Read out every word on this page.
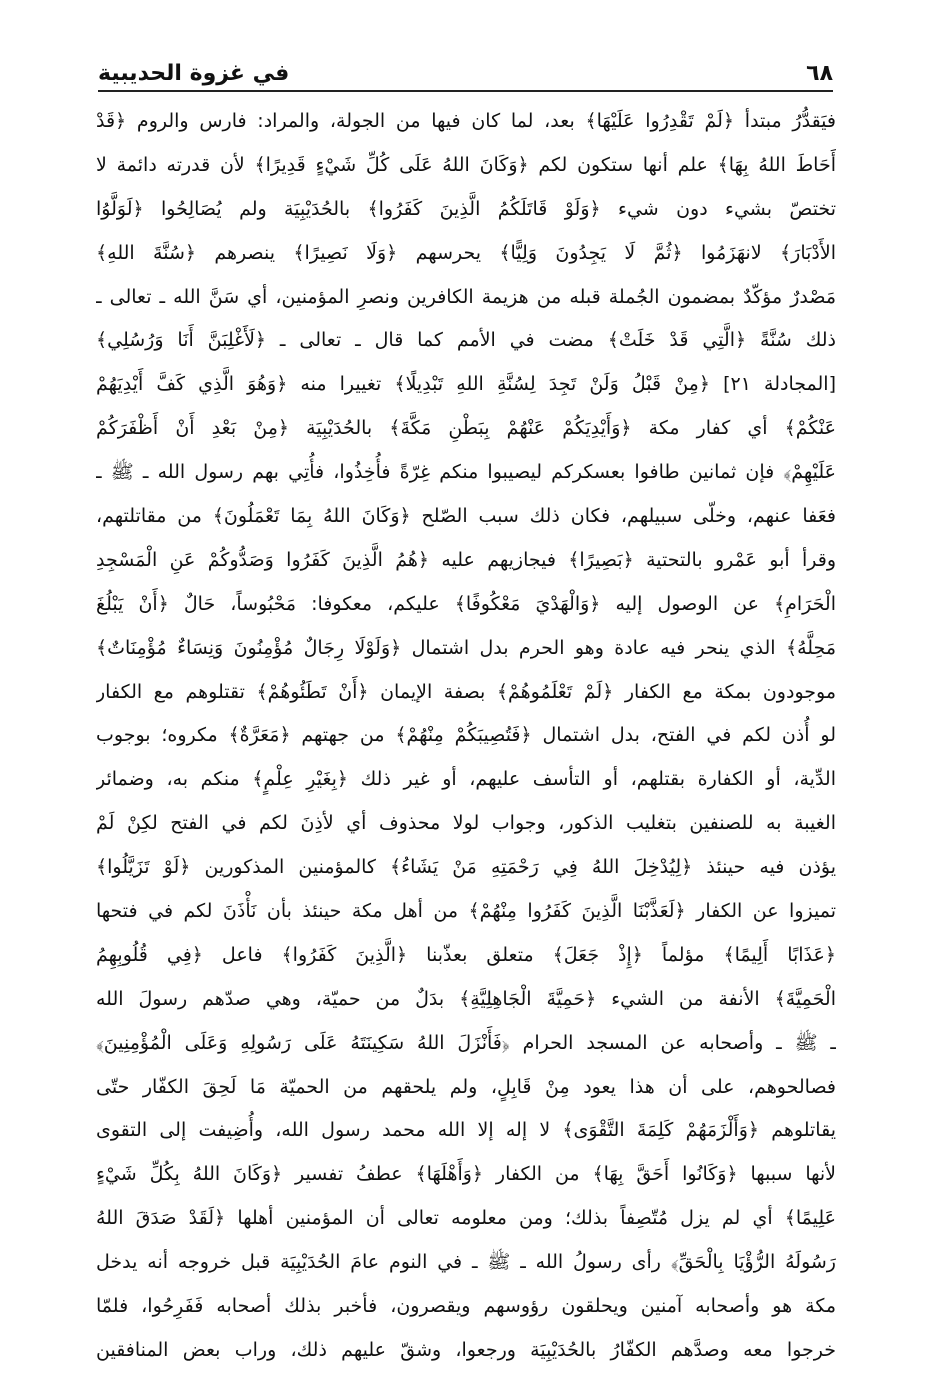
٦٨
في غزوة الحديبية
فيَقدُّرُ مبتدأ ﴿لَمْ تَقْدِرُوا عَلَيْهَا﴾ بعد، لما كان فيها من الجولة، والمراد: فارس والروم ﴿قَدْ
أَحَاطَ اللهُ بِهَا﴾ علم أنها ستكون لكم ﴿وَكَانَ اللهُ عَلَى كُلِّ شَيْءٍ قَدِيرًا﴾ لأن قدرته دائمة لا
تختصّ بشيء دون شيء ﴿وَلَوْ قَاتَلَكُمُ الَّذِينَ كَفَرُوا﴾ بالحُدَيْبِيَة ولم يُصَالِحُوا ﴿لَوَلَّوُا
الأَدْبَارَ﴾ لانهَزَمُوا ﴿ثُمَّ لَا يَجِدُونَ وَلِيًّا﴾ يحرسهم ﴿وَلَا نَصِيرًا﴾ ينصرهم ﴿سُنَّةَ اللهِ﴾
مَصْدرٌ مؤكّدٌ بمضمون الجُملة قبله من هزيمة الكافرين ونصرِ المؤمنين، أي سَنَّ الله ـ تعالى ـ
ذلك سُنَّةً ﴿الَّتِي قَدْ خَلَتْ﴾ مضت في الأمم كما قال ـ تعالى ـ ﴿لَأَغْلِبَنَّ أَنَا وَرُسُلِي﴾
[المجادلة ٢١] ﴿مِنْ قَبْلُ وَلَنْ تَجِدَ لِسُنَّةِ اللهِ تَبْدِيلًا﴾ تغييرا منه ﴿وَهُوَ الَّذِي كَفَّ أَيْدِيَهُمْ
عَنْكُمْ﴾ أي كفار مكة ﴿وَأَيْدِيَكُمْ عَنْهُمْ بِبَطْنِ مَكَّةَ﴾ بالحُدَيْبِيَة ﴿مِنْ بَعْدِ أَنْ أَظْفَرَكُمْ
عَلَيْهِمْ﴾ فإن ثمانين طافوا بعسكركم ليصيبوا منكم غِرّةً فأُخِذُوا، فأُتِي بهم رسول الله ـ ﷺ ـ
فعَفا عنهم، وخلّى سبيلهم، فكان ذلك سبب الصّلح ﴿وَكَانَ اللهُ بِمَا تَعْمَلُونَ﴾ من مقاتلتهم،
وقرأ أبو عَمْرو بالتحتية ﴿بَصِيرًا﴾ فيجازيهم عليه ﴿هُمُ الَّذِينَ كَفَرُوا وَصَدُّوكُمْ عَنِ الْمَسْجِدِ
الْحَرَامِ﴾ عن الوصول إليه ﴿وَالْهَدْيَ مَعْكُوفًا﴾ عليكم، معكوفا: مَحْبُوساً، حَالٌ ﴿أَنْ يَبْلُغَ
مَحِلَّهُ﴾ الذي ينحر فيه عادة وهو الحرم بدل اشتمال ﴿وَلَوْلَا رِجَالٌ مُؤْمِنُونَ وَنِسَاءٌ مُؤْمِنَاتٌ﴾
موجودون بمكة مع الكفار ﴿لَمْ تَعْلَمُوهُمْ﴾ بصفة الإيمان ﴿أَنْ تَطَئُوهُمْ﴾ تقتلوهم مع الكفار
لو أُذن لكم في الفتح، بدل اشتمال ﴿فَتُصِيبَكُمْ مِنْهُمْ﴾ من جهتهم ﴿مَعَرَّةٌ﴾ مكروه؛ بوجوب
الدِّية، أو الكفارة بقتلهم، أو التأسف عليهم، أو غير ذلك ﴿بِغَيْرِ عِلْمٍ﴾ منكم به، وضمائر
الغيبة به للصنفين بتغليب الذكور، وجواب لولا محذوف أي لأذِنَ لكم في الفتح لكِنْ لَمْ
يؤذن فيه حينئذ ﴿لِيُدْخِلَ اللهُ فِي رَحْمَتِهِ مَنْ يَشَاءُ﴾ كالمؤمنين المذكورين ﴿لَوْ تَزَيَّلُوا﴾
تميزوا عن الكفار ﴿لَعَذَّبْنَا الَّذِينَ كَفَرُوا مِنْهُمْ﴾ من أهل مكة حينئذ بأن نَأْذَنَ لكم في فتحها
﴿عَذَابًا أَلِيمًا﴾ مؤلماً ﴿إِذْ جَعَلَ﴾ متعلق بعذّبنا ﴿الَّذِينَ كَفَرُوا﴾ فاعل ﴿فِي قُلُوبِهِمُ
الْحَمِيَّةَ﴾ الأنفة من الشيء ﴿حَمِيَّةَ الْجَاهِلِيَّةِ﴾ بدَلٌ من حميّة، وهي صدّهم رسولَ الله
ـ ﷺ ـ وأصحابه عن المسجد الحرام ﴿فَأَنْزَلَ اللهُ سَكِينَتَهُ عَلَى رَسُولِهِ وَعَلَى الْمُؤْمِنِينَ﴾
فصالحوهم، على أن هذا يعود مِنْ قَابِلٍ، ولم يلحقهم من الحميّة مَا لَحِقَ الكفّار حتّى
يقاتلوهم ﴿وَأَلْزَمَهُمْ كَلِمَةَ التَّقْوَى﴾ لا إله إلا الله محمد رسول الله، وأُضِيفت إلى التقوى
لأنها سببها ﴿وَكَانُوا أَحَقَّ بِهَا﴾ من الكفار ﴿وَأَهْلَهَا﴾ عطفُ تفسير ﴿وَكَانَ اللهُ بِكُلِّ شَيْءٍ
عَلِيمًا﴾ أي لم يزل مُتّصِفاً بذلك؛ ومن معلومه تعالى أن المؤمنين أهلها ﴿لَقَدْ صَدَقَ اللهُ
رَسُولَهُ الرُّؤْيَا بِالْحَقِّ﴾ رأى رسولُ الله ـ ﷺ ـ في النوم عامَ الحُدَيْبِيَة قبل خروجه أنه يدخل
مكة هو وأصحابه آمنين ويحلقون رؤوسهم ويقصرون، فأخبر بذلك أصحابه فَفَرِحُوا، فلمّا
خرجوا معه وصدَّهم الكفّارُ بالحُدَيْبِيَة ورجعوا، وشقّ عليهم ذلك، وراب بعض المنافقين
